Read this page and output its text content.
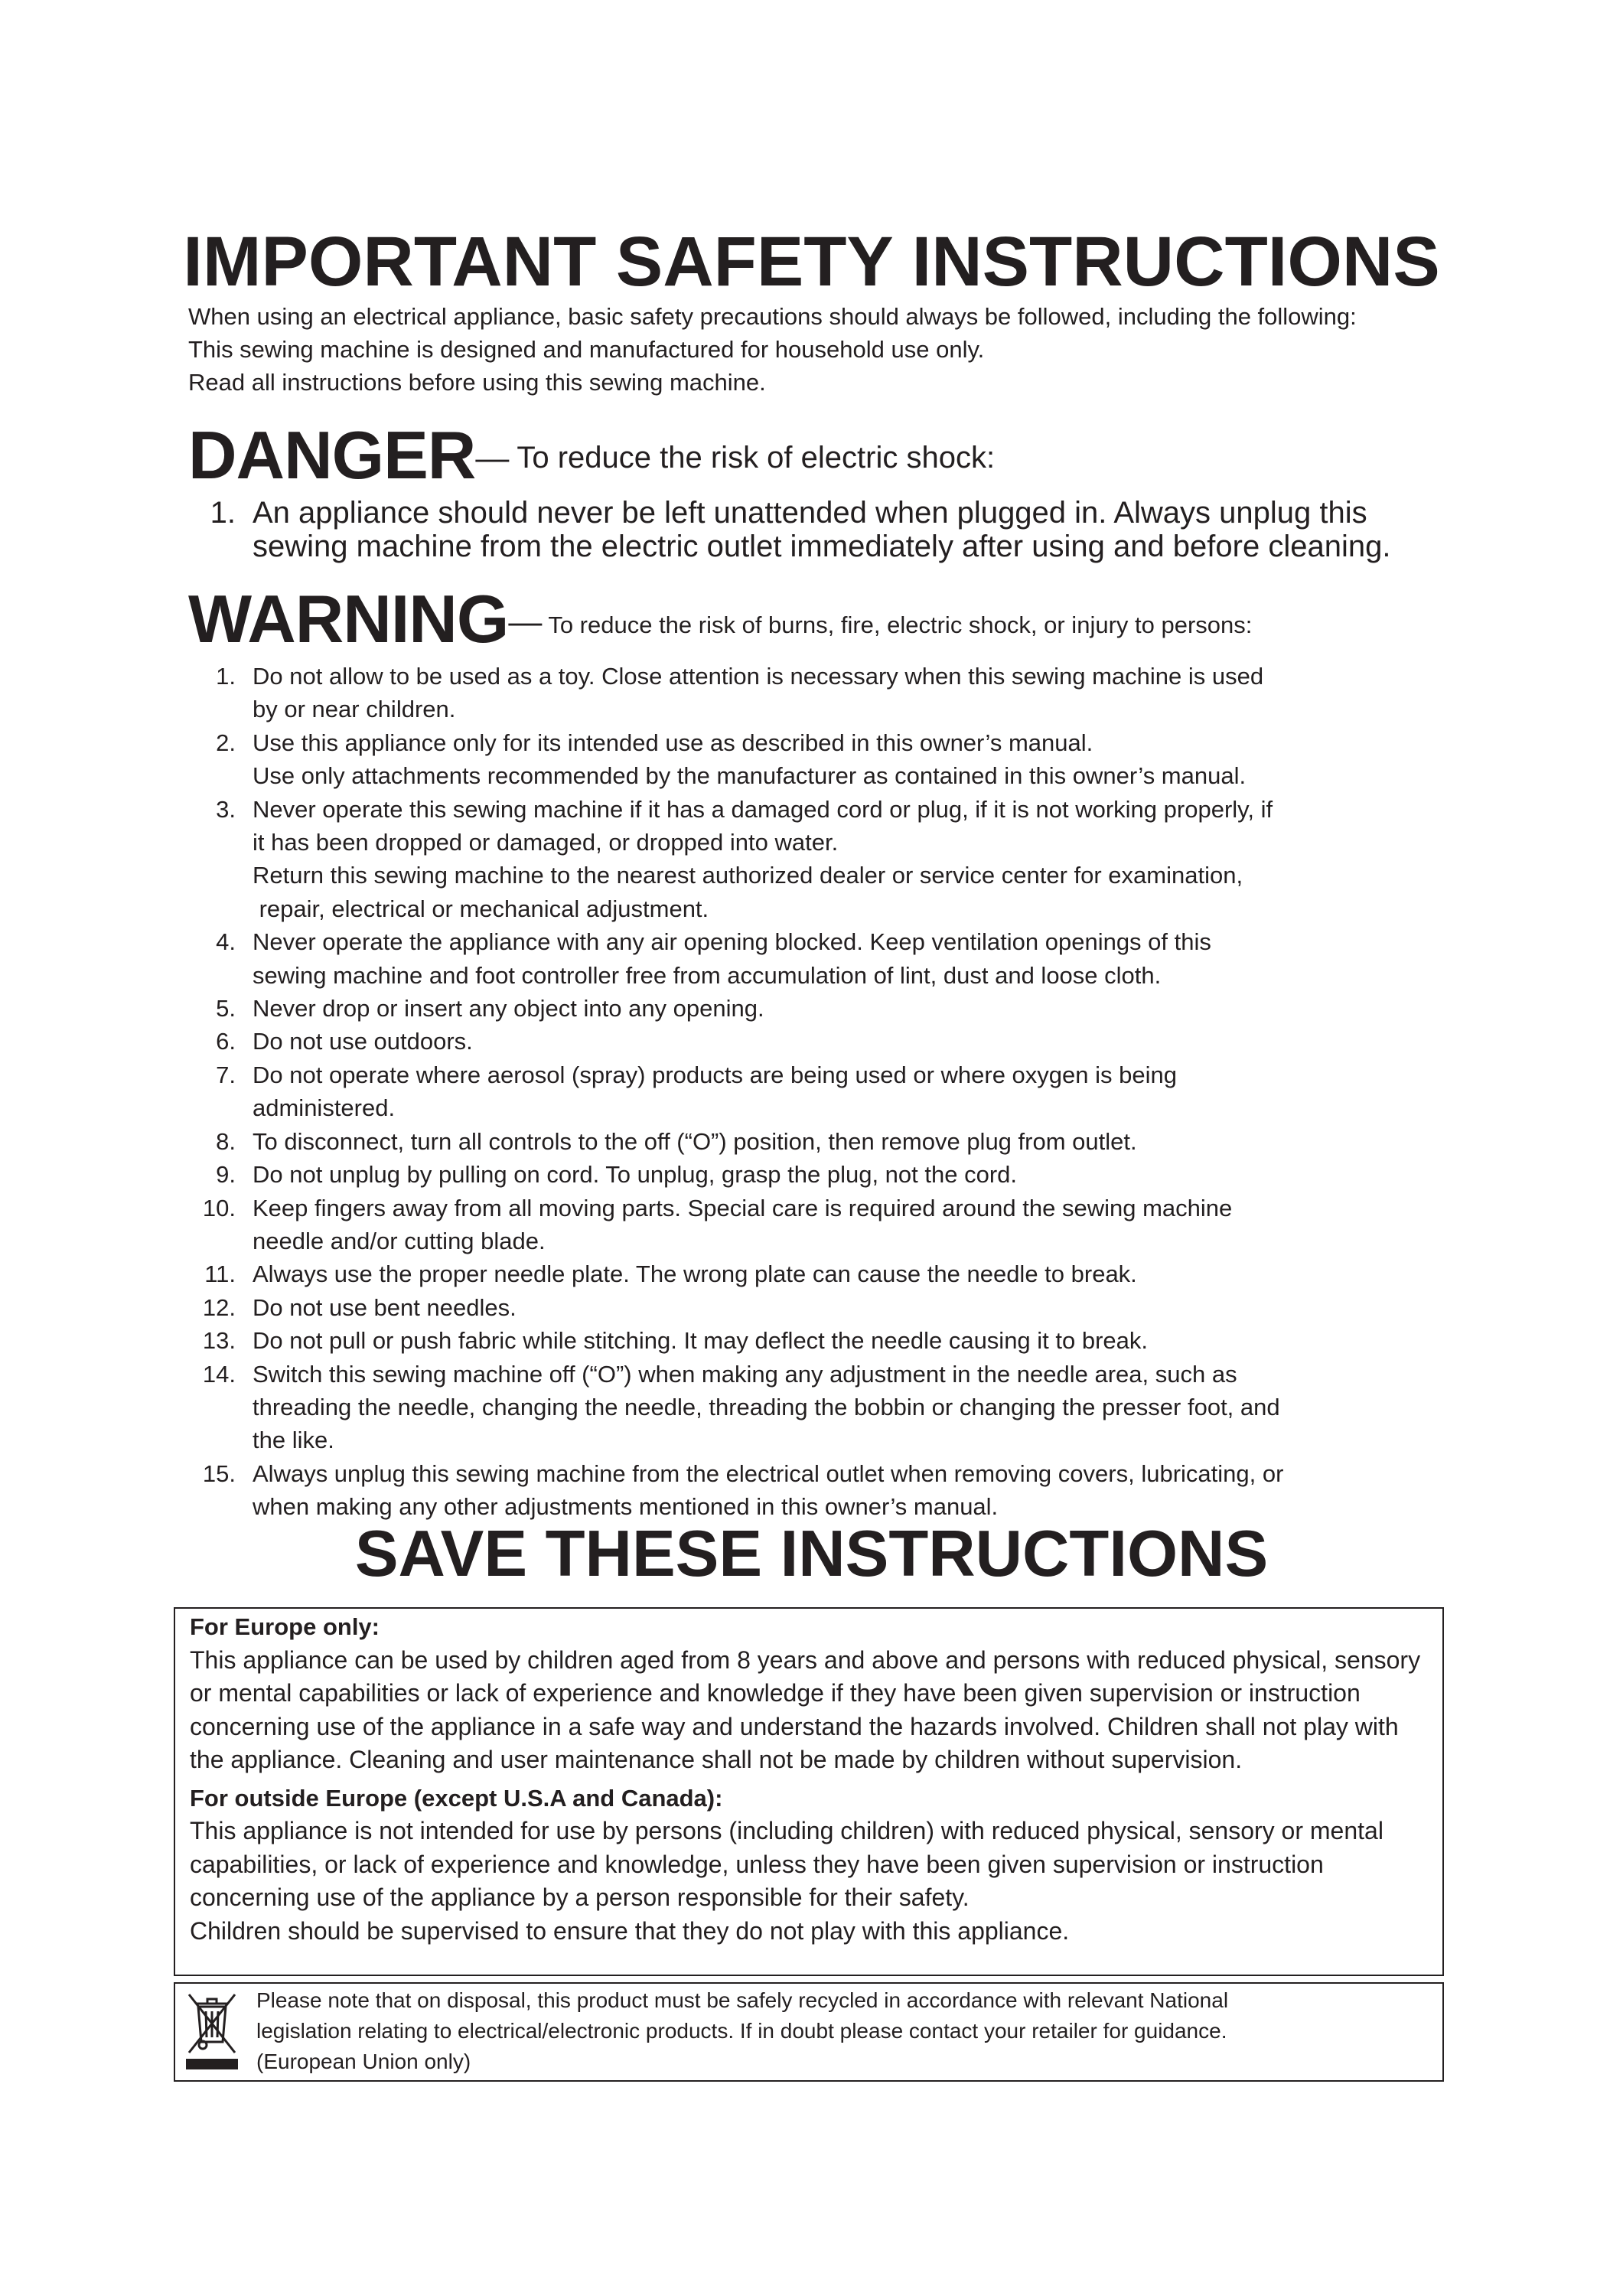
IMPORTANT SAFETY INSTRUCTIONS

When using an electrical appliance, basic safety precautions should always be followed, including the following:

This sewing machine is designed and manufactured for household use only.

Read all instructions before using this sewing machine.

DANGER— To reduce the risk of electric shock:
1. An appliance should never be left unattended when plugged in. Always unplug this
sewing machine from the electric outlet immediately after using and before cleaning.
WARNING— To reduce the risk of burns, fire, electric shock, or injury to persons:
1. Do not allow to be used as a toy. Close attention is necessary when this sewing machine is used
by or near children.
2. Use this appliance only for its intended use as described in this owner’s manual.
Use only attachments recommended by the manufacturer as contained in this owner’s manual.
3. Never operate this sewing machine if it has a damaged cord or plug, if it is not working properly, if
it has been dropped or damaged, or dropped into water.
Return this sewing machine to the nearest authorized dealer or service center for examination,
repair, electrical or mechanical adjustment.
4. Never operate the appliance with any air opening blocked. Keep ventilation openings of this
sewing machine and foot controller free from accumulation of lint, dust and loose cloth.
5. Never drop or insert any object into any opening.
6. Do not use outdoors.
7. Do not operate where aerosol (spray) products are being used or where oxygen is being
administered.
8. To disconnect, turn all controls to the off (“O”) position, then remove plug from outlet.
9. Do not unplug by pulling on cord. To unplug, grasp the plug, not the cord.
10. Keep fingers away from all moving parts. Special care is required around the sewing machine
needle and/or cutting blade.
11. Always use the proper needle plate. The wrong plate can cause the needle to break.
12. Do not use bent needles.
13. Do not pull or push fabric while stitching. It may deflect the needle causing it to break.
14. Switch this sewing machine off (“O”) when making any adjustment in the needle area, such as
threading the needle, changing the needle, threading the bobbin or changing the presser foot, and
the like.
15. Always unplug this sewing machine from the electrical outlet when removing covers, lubricating, or
when making any other adjustments mentioned in this owner’s manual.
SAVE THESE INSTRUCTIONS
For Europe only:

This appliance can be used by children aged from 8 years and above and persons with reduced physical, sensory or mental capabilities or lack of experience and knowledge if they have been given supervision or instruction concerning use of the appliance in a safe way and understand the hazards involved. Children shall not play with the appliance. Cleaning and user maintenance shall not be made by children without supervision.

For outside Europe (except U.S.A and Canada):

This appliance is not intended for use by persons (including children) with reduced physical, sensory or mental capabilities, or lack of experience and knowledge, unless they have been given supervision or instruction concerning use of the appliance by a person responsible for their safety.

Children should be supervised to ensure that they do not play with this appliance.

Please note that on disposal, this product must be safely recycled in accordance with relevant National
legislation relating to electrical/electronic products. If in doubt please contact your retailer for guidance.
(European Union only)
